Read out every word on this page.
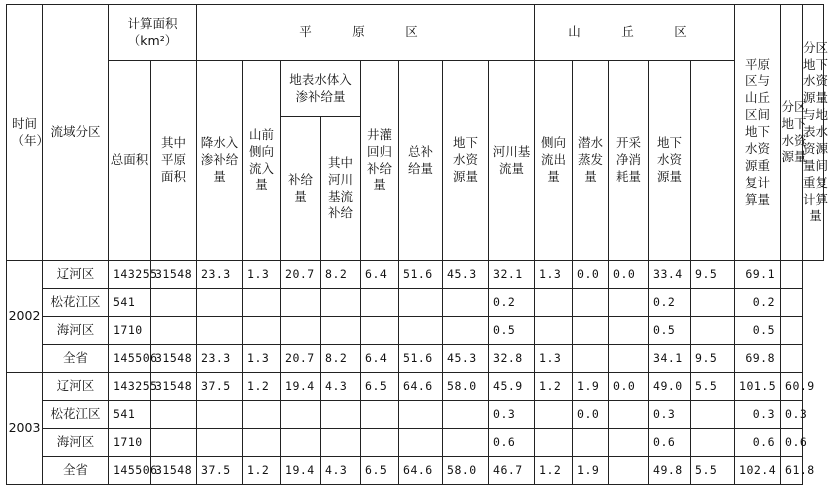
时间（年）	流域分区	计算面积
（km²）		平　原　区								山　丘　区					平原区与山丘区间地下水资源重复计算量	分区地下水资源量	分区地下水资源量与地表水资源量间重复计算量
		总面积	其中平原面积	降水入渗补给量	山前侧向流入量	地表水体入渗补给量		井灌回归补给量	总补给量	地下水资源量	河川基流量	侧向流出量	潜水蒸发量	开采净消耗量	地下水资源量				
						补给量	其中河川基流补给												
2002	辽河区	143255	31548	23.3	1.3	20.7	8.2	6.4	51.6	45.3	32.1	1.3	0.0	0.0	33.4	9.5	69.1		
	松花江区	541									0.2				0.2		0.2		
	海河区	1710									0.5				0.5		0.5		
	全省	145506	31548	23.3	1.3	20.7	8.2	6.4	51.6	45.3	32.8	1.3			34.1	9.5	69.8		
2003	辽河区	143255	31548	37.5	1.2	19.4	4.3	6.5	64.6	58.0	45.9	1.2	1.9	0.0	49.0	5.5	101.5	60.9	
	松花江区	541									0.3		0.0		0.3		0.3	0.3	
	海河区	1710									0.6				0.6		0.6	0.6	
	全省	145506	31548	37.5	1.2	19.4	4.3	6.5	64.6	58.0	46.7	1.2	1.9		49.8	5.5	102.4	61.8	
